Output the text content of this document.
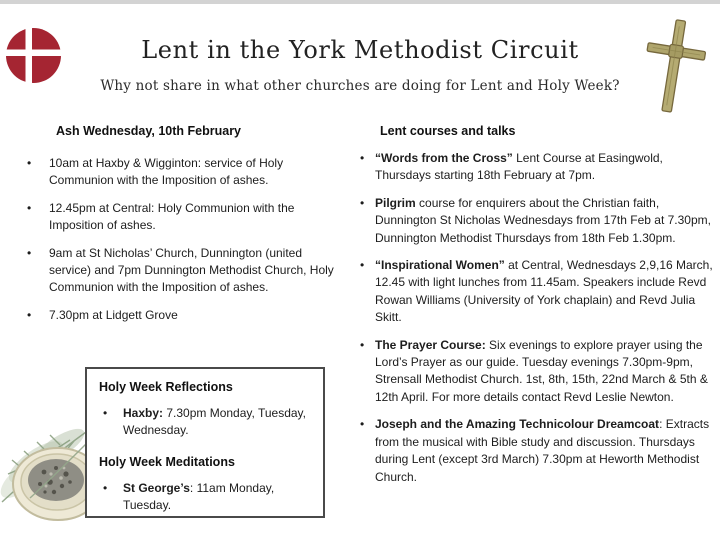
Lent in the York Methodist Circuit
Why not share in what other churches are doing for Lent and Holy Week?
Ash Wednesday, 10th February
•
10am at Haxby & Wigginton: service of Holy Communion with the Imposition of ashes.
•
12.45pm at Central: Holy Communion with the Imposition of ashes.
•
9am at St Nicholas’ Church, Dunnington (united service) and 7pm Dunnington Methodist Church, Holy Communion with the Imposition of ashes.
•
7.30pm at Lidgett Grove
Lent courses and talks
•
“Words from the Cross” Lent Course at Easingwold, Thursdays starting 18th February at 7pm.
•
Pilgrim course for enquirers about the Christian faith, Dunnington St Nicholas Wednesdays from 17th Feb at 7.30pm, Dunnington Methodist Thursdays from 18th Feb 1.30pm.
•
“Inspirational Women” at Central, Wednesdays 2,9,16 March, 12.45 with light lunches from 11.45am. Speakers include Revd Rowan Williams (University of York chaplain) and Revd Julia Skitt.
•
The Prayer Course: Six evenings to explore prayer using the Lord’s Prayer as our guide. Tuesday evenings 7.30pm-9pm, Strensall Methodist Church. 1st, 8th, 15th, 22nd March & 5th & 12th April. For more details contact Revd Leslie Newton.
•
Joseph and the Amazing Technicolour Dreamcoat: Extracts from the musical with Bible study and discussion. Thursdays during Lent (except 3rd March) 7.30pm at Heworth Methodist Church.
Holy Week Reflections
•
Haxby: 7.30pm Monday, Tuesday, Wednesday.
Holy Week Meditations
•
St George’s: 11am Monday, Tuesday.
